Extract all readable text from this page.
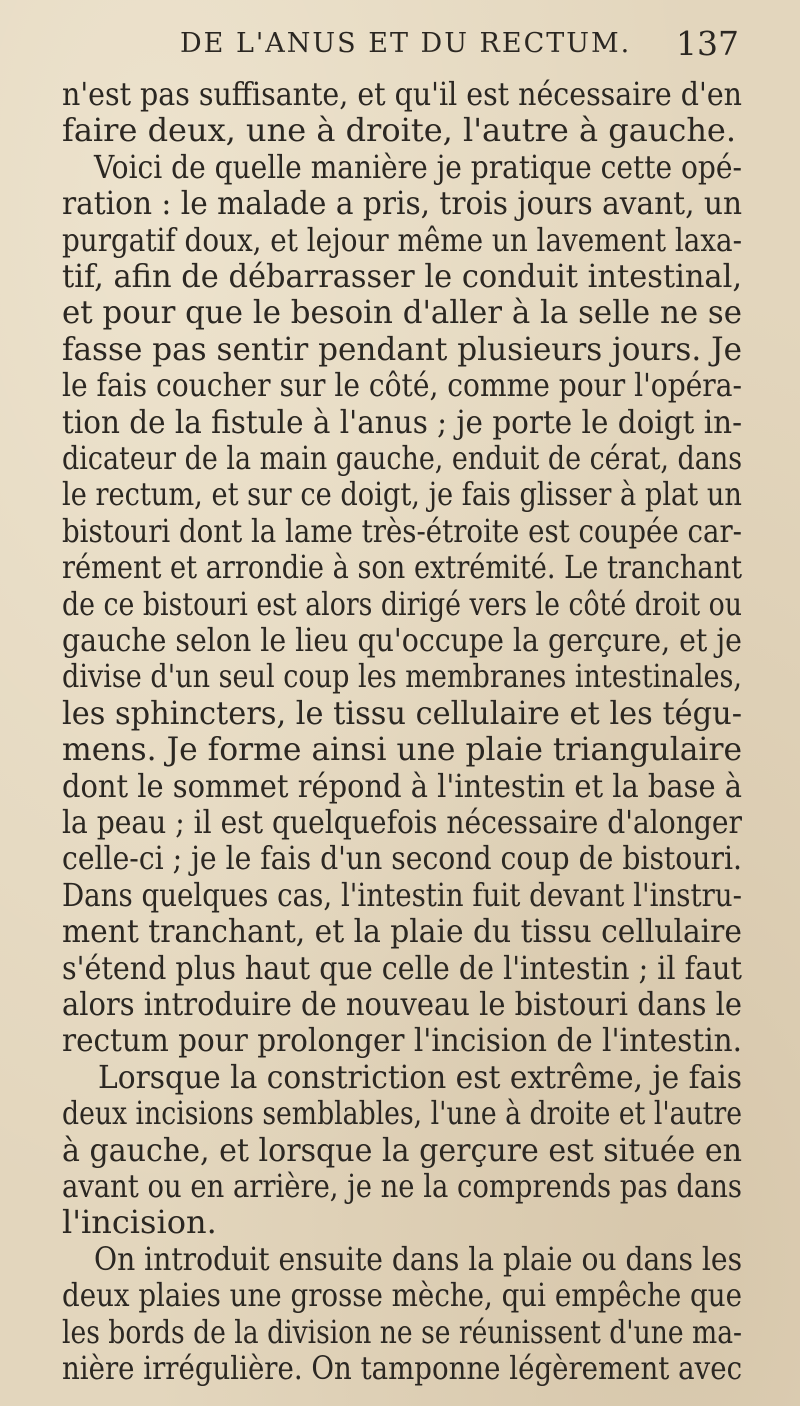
DE L'ANUS ET DU RECTUM. 137
n'est pas suffisante, et qu'il est nécessaire d'en
faire deux, une à droite, l'autre à gauche.
Voici de quelle manière je pratique cette opé-
ration : le malade a pris, trois jours avant, un
purgatif doux, et lejour même un lavement laxa-
tif, afin de débarrasser le conduit intestinal,
et pour que le besoin d'aller à la selle ne se
fasse pas sentir pendant plusieurs jours. Je
le fais coucher sur le côté, comme pour l'opéra-
tion de la fistule à l'anus ; je porte le doigt in-
dicateur de la main gauche, enduit de cérat, dans
le rectum, et sur ce doigt, je fais glisser à plat un
bistouri dont la lame très-étroite est coupée car-
rément et arrondie à son extrémité. Le tranchant
de ce bistouri est alors dirigé vers le côté droit ou
gauche selon le lieu qu'occupe la gerçure, et je
divise d'un seul coup les membranes intestinales,
les sphincters, le tissu cellulaire et les tégu-
mens. Je forme ainsi une plaie triangulaire
dont le sommet répond à l'intestin et la base à
la peau ; il est quelquefois nécessaire d'alonger
celle-ci ; je le fais d'un second coup de bistouri.
Dans quelques cas, l'intestin fuit devant l'instru-
ment tranchant, et la plaie du tissu cellulaire
s'étend plus haut que celle de l'intestin ; il faut
alors introduire de nouveau le bistouri dans le
rectum pour prolonger l'incision de l'intestin.
Lorsque la constriction est extrême, je fais
deux incisions semblables, l'une à droite et l'autre
à gauche, et lorsque la gerçure est située en
avant ou en arrière, je ne la comprends pas dans
l'incision.
On introduit ensuite dans la plaie ou dans les
deux plaies une grosse mèche, qui empêche que
les bords de la division ne se réunissent d'une ma-
nière irrégulière. On tamponne légèrement avec
